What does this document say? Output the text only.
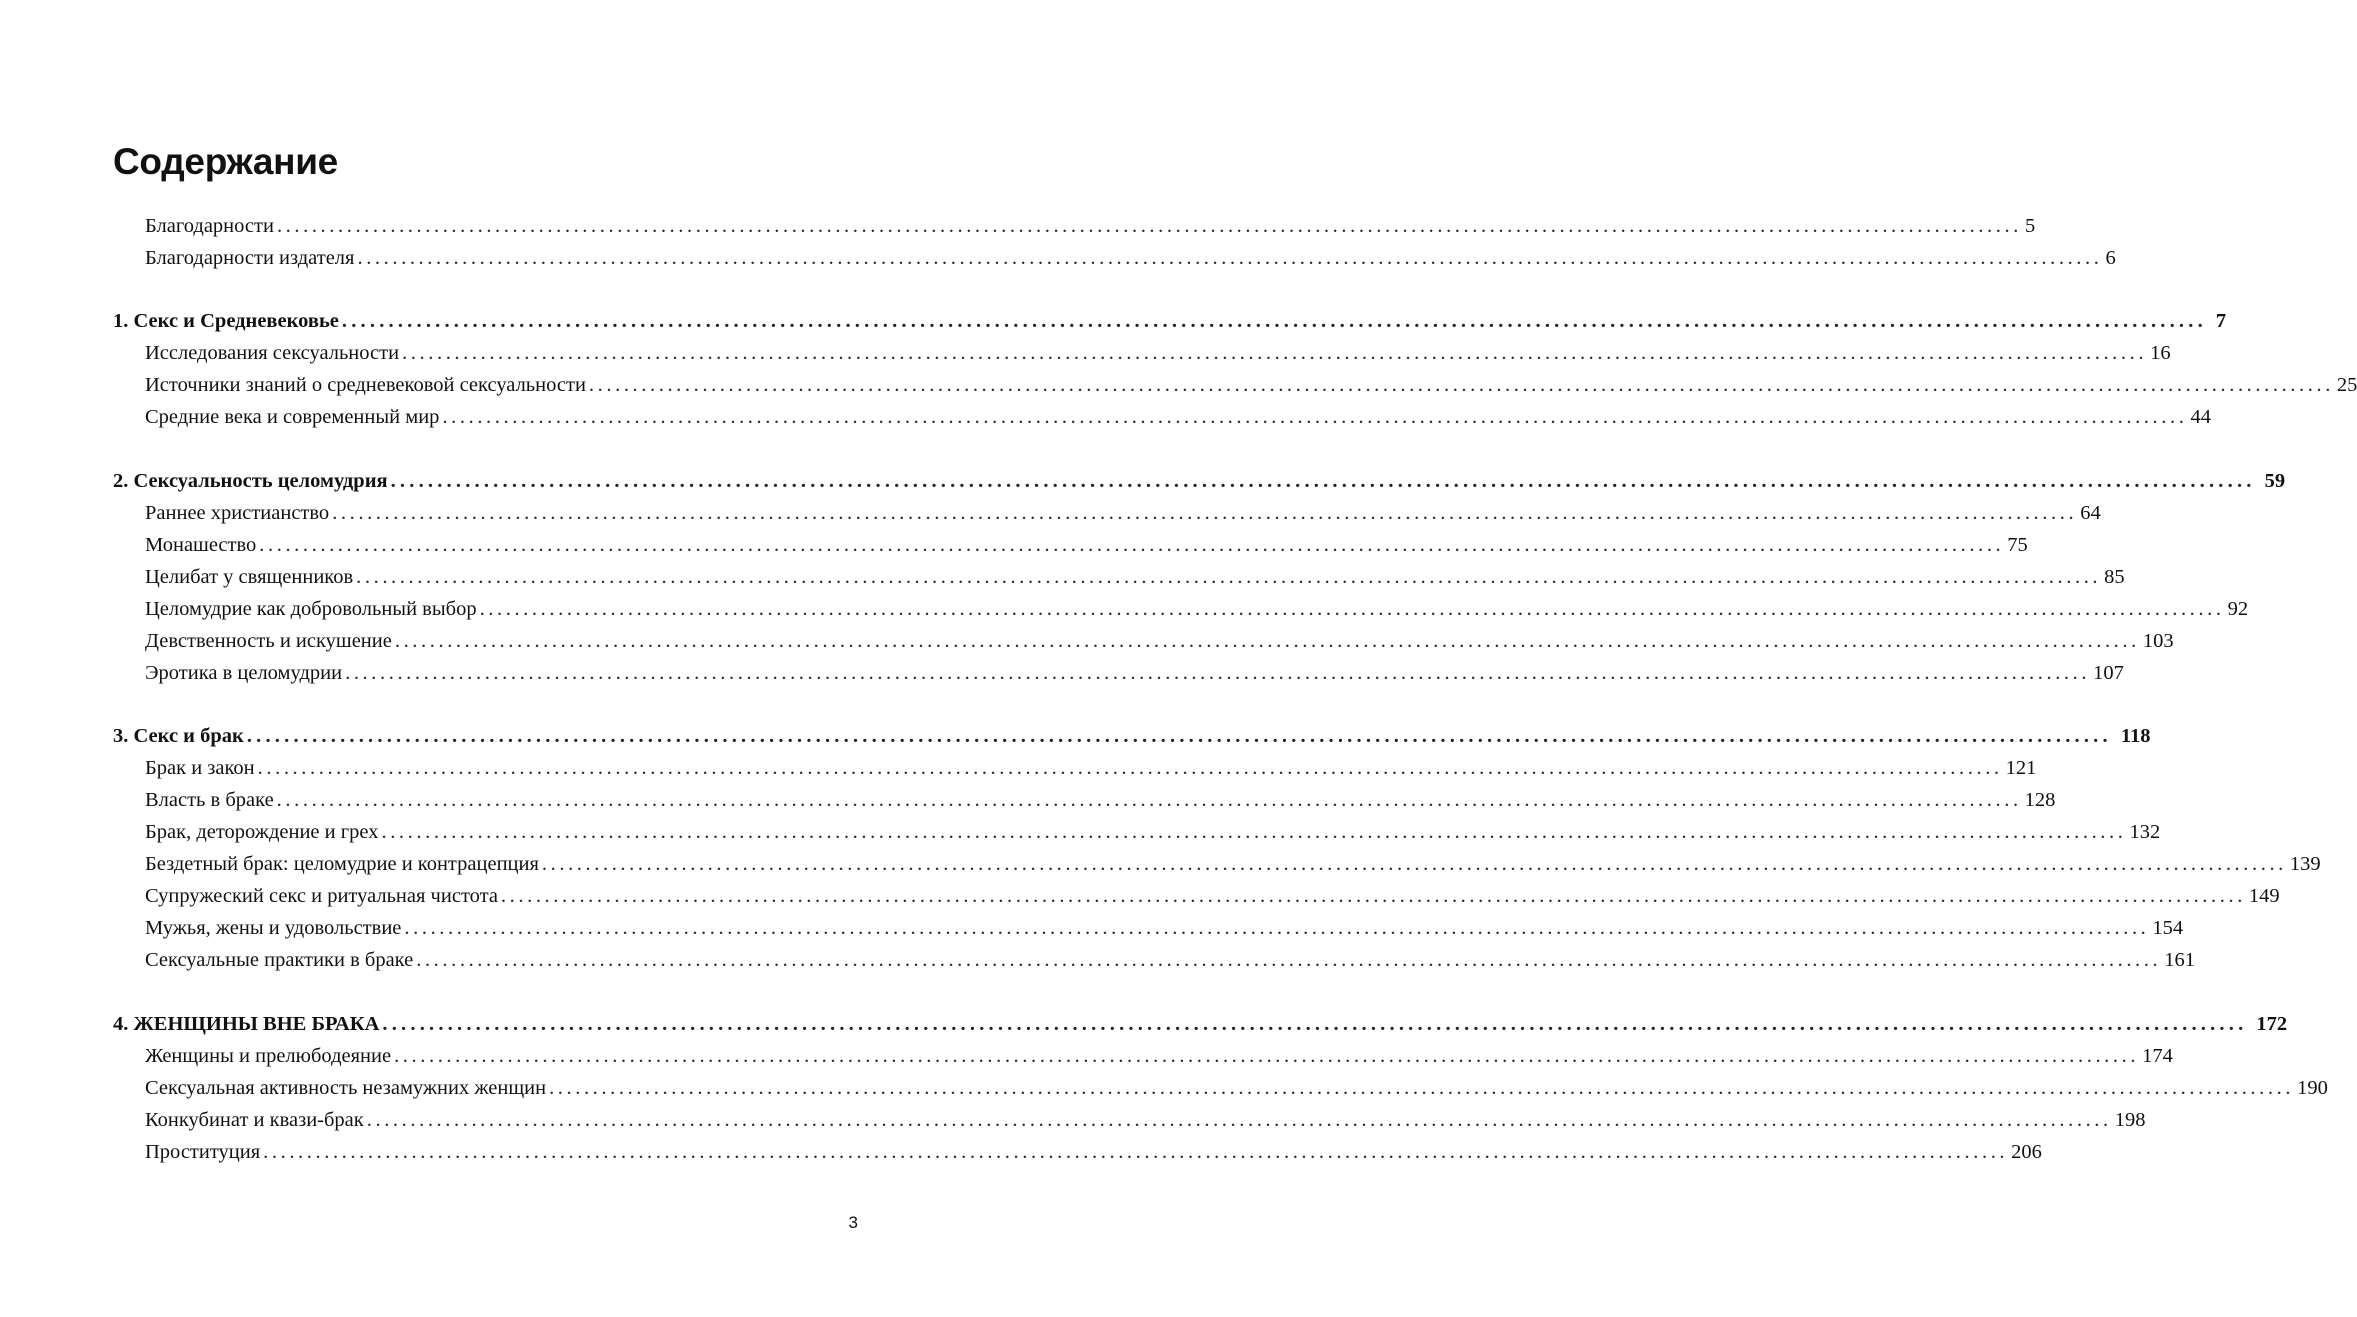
Содержание
Благодарности ........................................................................................................................................................................................................ 5
Благодарности издателя ........................................................................................................................................................................................................ 6
1. Секс и Средневековье ........................................................................................................................................................................................................ 7
Исследования сексуальности ........................................................................................................................................................................................................ 16
Источники знаний о средневековой сексуальности ........................................................................................................................................................................................................ 25
Средние века и современный мир ........................................................................................................................................................................................................ 44
2. Сексуальность целомудрия ........................................................................................................................................................................................................ 59
Раннее христианство ........................................................................................................................................................................................................ 64
Монашество ........................................................................................................................................................................................................ 75
Целибат у священников ........................................................................................................................................................................................................ 85
Целомудрие как добровольный выбор ........................................................................................................................................................................................................ 92
Девственность и искушение ........................................................................................................................................................................................................ 103
Эротика в целомудрии ........................................................................................................................................................................................................ 107
3. Секс и брак ........................................................................................................................................................................................................ 118
Брак и закон ........................................................................................................................................................................................................ 121
Власть в браке ........................................................................................................................................................................................................ 128
Брак, деторождение и грех ........................................................................................................................................................................................................ 132
Бездетный брак: целомудрие и контрацепция ........................................................................................................................................................................................................ 139
Супружеский секс и ритуальная чистота ........................................................................................................................................................................................................ 149
Мужья, жены и удовольствие ........................................................................................................................................................................................................ 154
Сексуальные практики в браке ........................................................................................................................................................................................................ 161
4. ЖЕНЩИНЫ ВНЕ БРАКА ........................................................................................................................................................................................................ 172
Женщины и прелюбодеяние ........................................................................................................................................................................................................ 174
Сексуальная активность незамужних женщин ........................................................................................................................................................................................................ 190
Конкубинат и квази-брак ........................................................................................................................................................................................................ 198
Проституция ........................................................................................................................................................................................................ 206
3
